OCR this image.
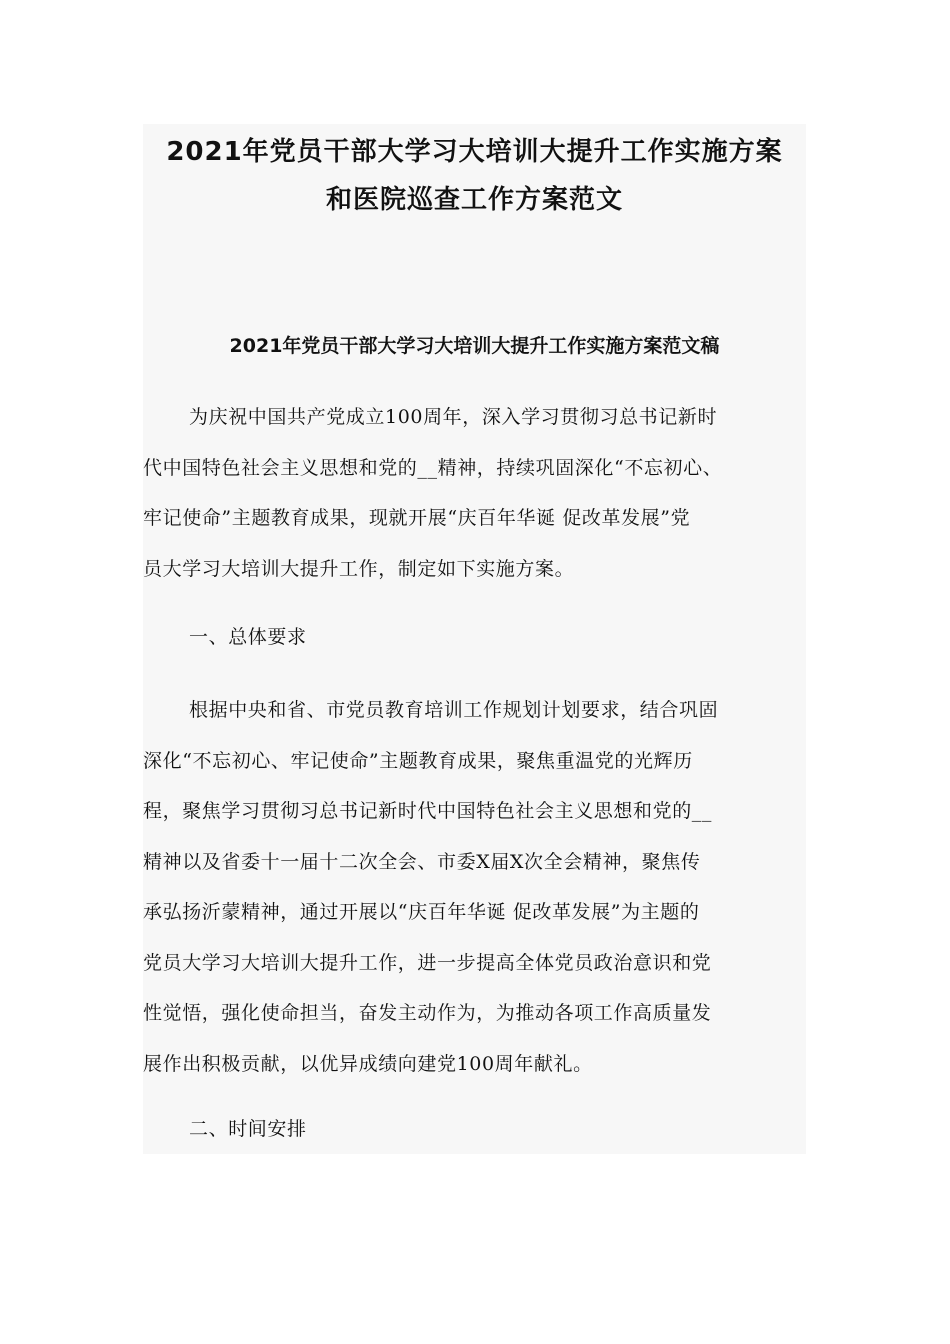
2021年党员干部大学习大培训大提升工作实施方案
和医院巡查工作方案范文
2021年党员干部大学习大培训大提升工作实施方案范文稿
为庆祝中国共产党成立100周年，深入学习贯彻习总书记新时
代中国特色社会主义思想和党的__精神，持续巩固深化“不忘初心、
牢记使命”主题教育成果，现就开展“庆百年华诞 促改革发展”党
员大学习大培训大提升工作，制定如下实施方案。
一、总体要求
根据中央和省、市党员教育培训工作规划计划要求，结合巩固
深化“不忘初心、牢记使命”主题教育成果，聚焦重温党的光辉历
程，聚焦学习贯彻习总书记新时代中国特色社会主义思想和党的__
精神以及省委十一届十二次全会、市委X届X次全会精神，聚焦传
承弘扬沂蒙精神，通过开展以“庆百年华诞 促改革发展”为主题的
党员大学习大培训大提升工作，进一步提高全体党员政治意识和党
性觉悟，强化使命担当，奋发主动作为，为推动各项工作高质量发
展作出积极贡献，以优异成绩向建党100周年献礼。
二、时间安排
